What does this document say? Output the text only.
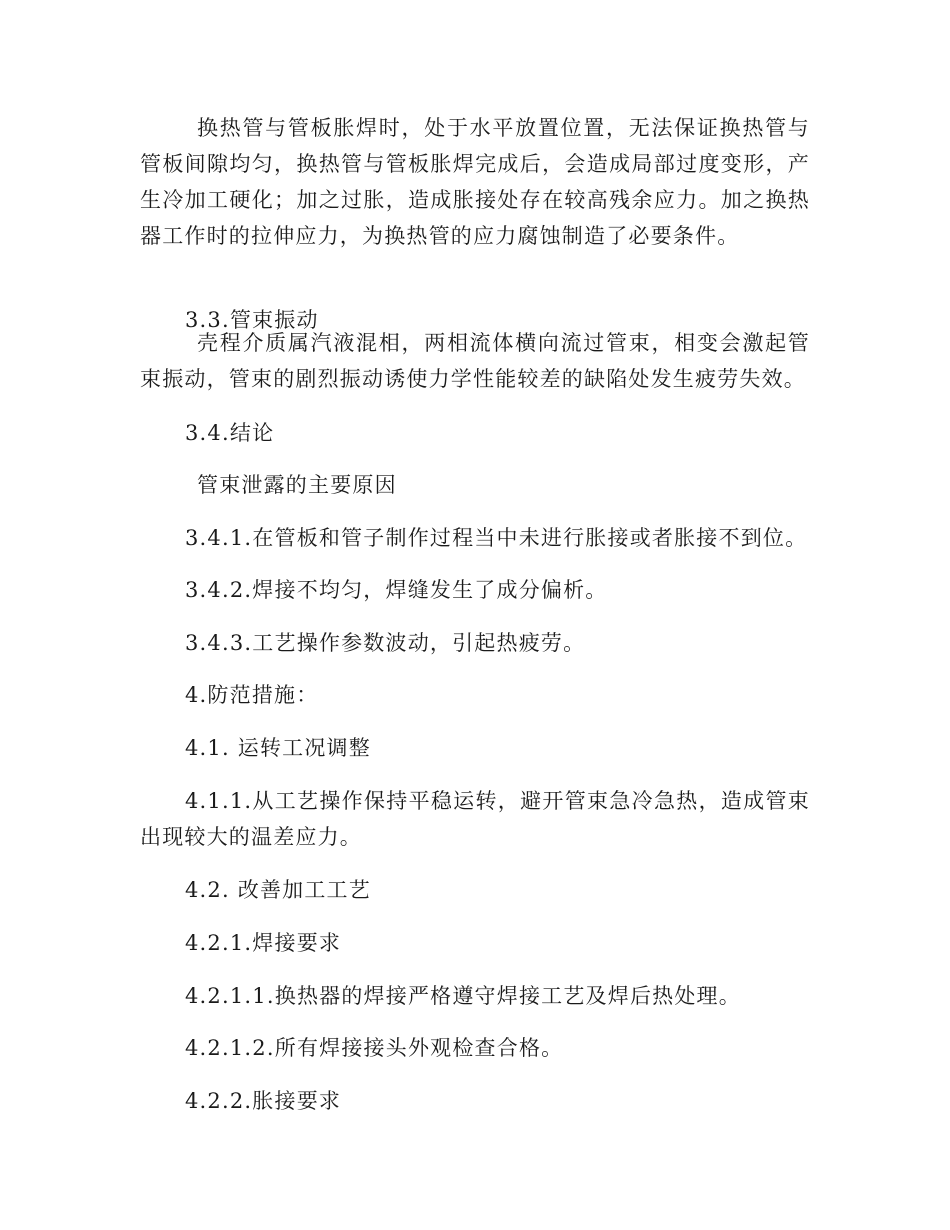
换热管与管板胀焊时，处于水平放置位置，无法保证换热管与管板间隙均匀，换热管与管板胀焊完成后，会造成局部过度变形，产生冷加工硬化；加之过胀，造成胀接处存在较高残余应力。加之换热器工作时的拉伸应力，为换热管的应力腐蚀制造了必要条件。

3.3.管束振动

壳程介质属汽液混相，两相流体横向流过管束，相变会激起管束振动，管束的剧烈振动诱使力学性能较差的缺陷处发生疲劳失效。

3.4.结论

管束泄露的主要原因

3.4.1.在管板和管子制作过程当中未进行胀接或者胀接不到位。

3.4.2.焊接不均匀，焊缝发生了成分偏析。

3.4.3.工艺操作参数波动，引起热疲劳。

4.防范措施：

4.1. 运转工况调整

4.1.1.从工艺操作保持平稳运转，避开管束急冷急热，造成管束出现较大的温差应力。

4.2. 改善加工工艺

4.2.1.焊接要求

4.2.1.1.换热器的焊接严格遵守焊接工艺及焊后热处理。

4.2.1.2.所有焊接接头外观检查合格。

4.2.2.胀接要求
